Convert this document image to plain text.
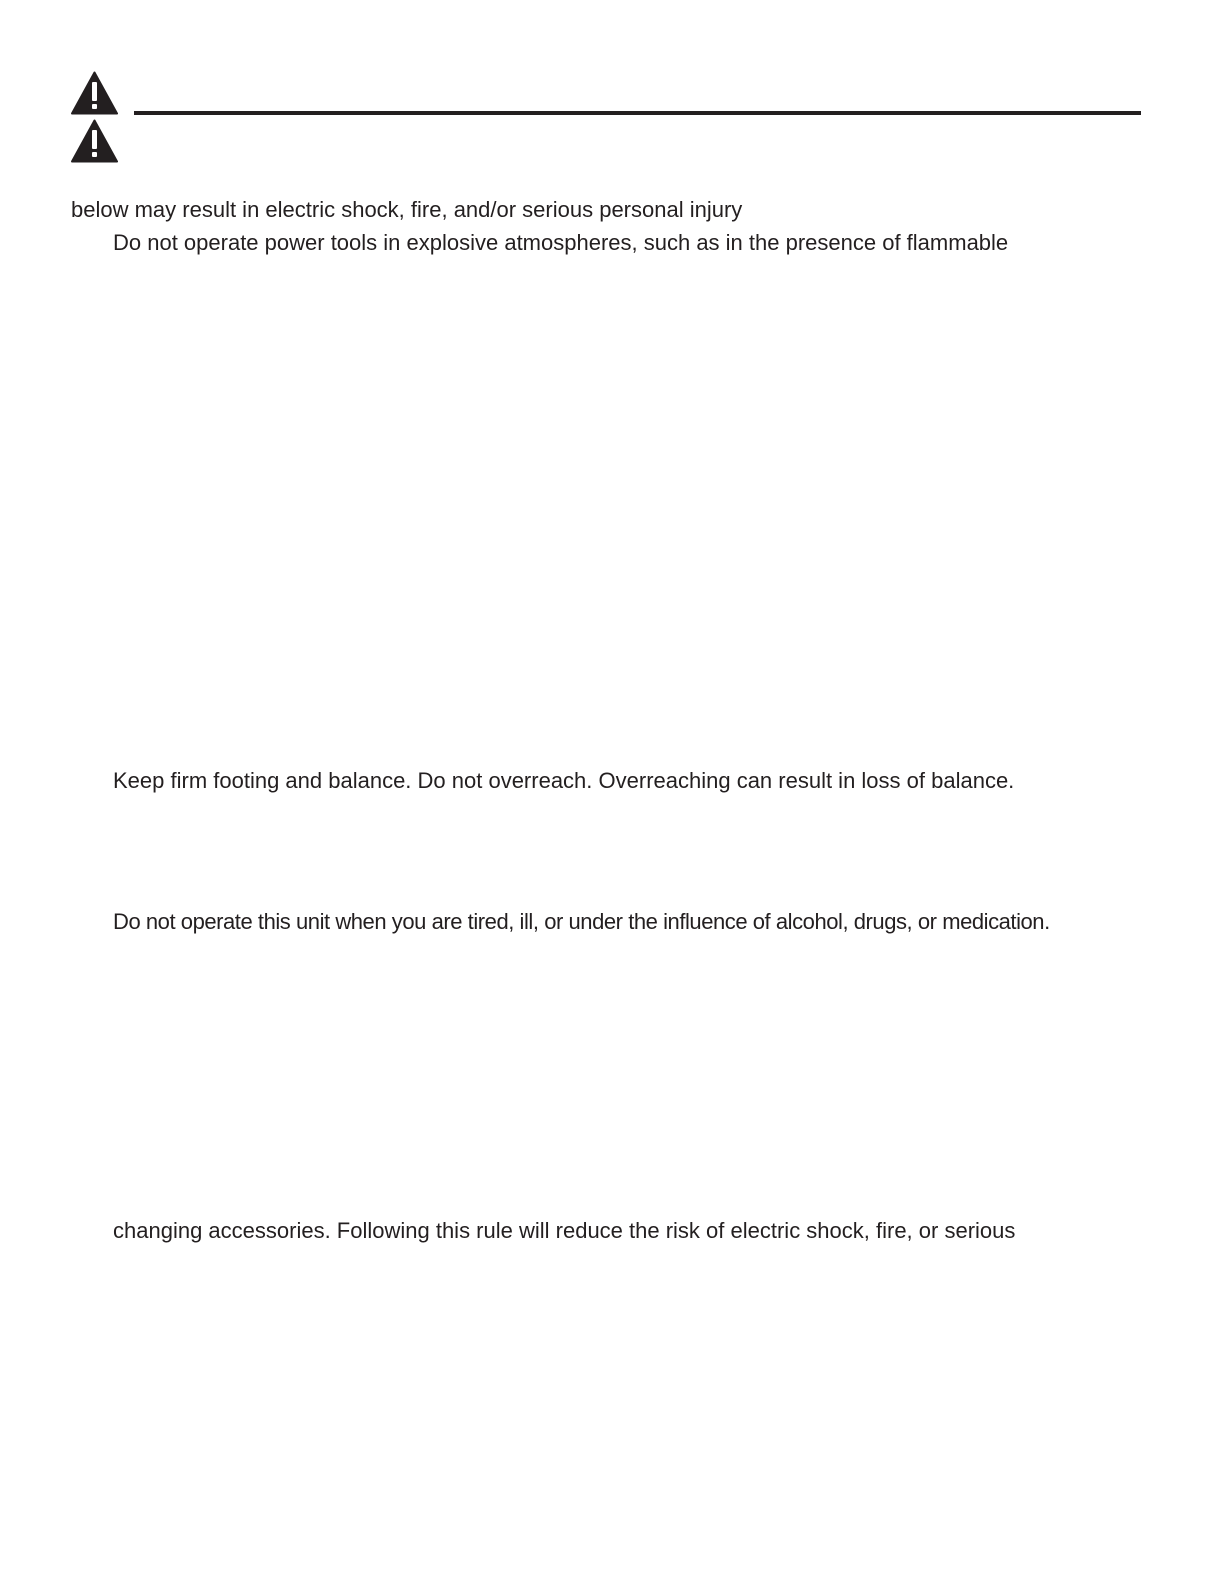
below may result in electric shock, fire, and/or serious personal injury

Do not operate power tools in explosive atmospheres, such as in the presence of flammable

Keep firm footing and balance. Do not overreach. Overreaching can result in loss of balance.

Do not operate this unit when you are tired, ill, or under the influence of alcohol, drugs, or medication.

changing accessories. Following this rule will reduce the risk of electric shock, fire, or serious
